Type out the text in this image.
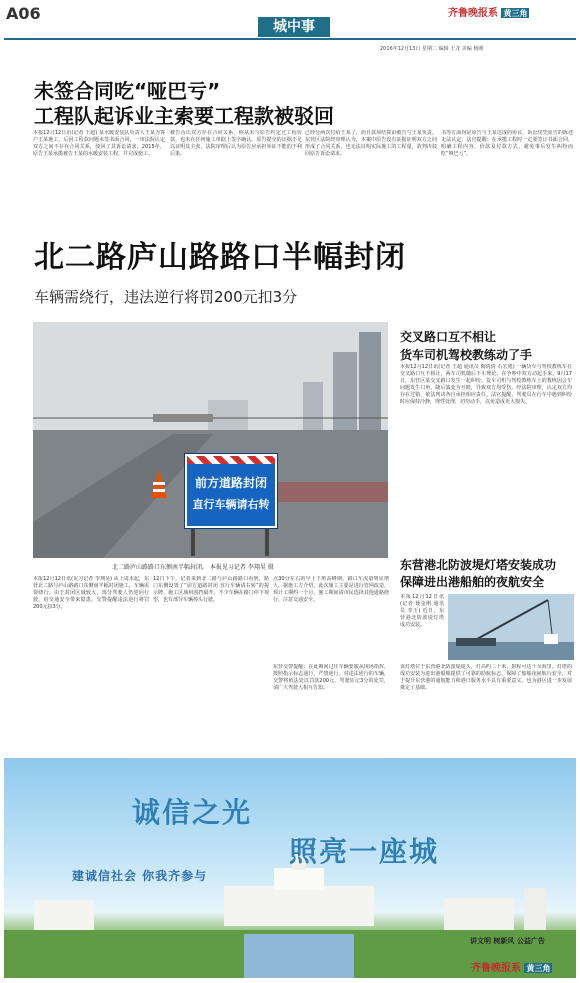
A06
城中事
齐鲁晚报系 黄三角
2016年12月13日 星期二 编辑 王龙 美编 杨刚
未签合同吃“哑巴亏”
工程队起诉业主索要工程款被驳回
本报12月12日讯(记者 王超) 某水暖安装队负责人王某为客户王某施工，后因工程款问题未签书面合同，一审法院认定双方之间不存在合同关系，驳回了其诉讼请求。2015年，原告王某承揽被告王某的水暖安装工程，并完成施工。
被告否认双方存在合同关系，称从未与原告约定过工程价款，也未在任何施工单据上签字确认。原告提交的证据不足以证明其主张，法院审理后认为原告应承担举证不能的不利后果。
已经分两次付给王某了，而且款项结算由被告与王某负责。东营区法院经审理认为，本案中原告没有证据证明双方之间形成了合同关系，也无法证明实际施工的工程量，故判决驳回原告诉讼请求。
书等方面均是原告与王某达成的协议，诉讼仅凭原告的陈述无法认定，法官提醒：在承揽工程时一定要签订书面合同，明确工程内容、价款及付款方式，避免事后发生纠纷而吃“哑巴亏”。
北二路庐山路路口半幅封闭
车辆需绕行，违法逆行将罚200元扣3分
前方道路封闭
直行车辆请右转
北二路庐山路路口东侧南半幅封闭。 本报见习记者 李翔昊 摄
本报12月12日讯(见习记者 李翔昊) 从上周末起，东营北二路与庐山路路口东侧南半幅封闭施工，车辆需要绕行。由于封闭区域较大，部分驾驶人仍逆向行驶，给交通安全带来隐患，交警提醒违法逆行将罚200元扣3分。
12日下午，记者来到北二路与庐山路路口看到，路口东侧设置了“前方道路封闭 直行车辆请右转”的提示牌，施工区域用围挡隔开。不少车辆在路口停下观望，也有部分车辆掉头行驶。
点30分左右的早上下班高峰期，路口车流量明显增大。据施工方介绍，此次施工主要是进行管网改造，预计工期约一个月，施工期间请市民选择其他道路绕行，注意交通安全。
东营交警提醒：在此期间过往车辆要服从现场指挥，按照指示标志通行，严禁逆行。对违法逆行的车辆，交警将依法处以罚款200元、驾驶证记3分的处罚，请广大驾驶人相互告知。
交叉路口互不相让
货车司机驾校教练动了手
本报12月12日讯(记者 王超 通讯员 陶倩倩 石宏旭) 一辆货车与驾校教练车在交叉路口互不相让，两车司机随后下车理论，在争吵中双方动起手来。9月17日，东营区某交叉路口发生一起纠纷，货车司机与驾校教练车上的教练因会车问题发生口角，随后演变为互殴，导致双方均受伤。经法院审理，认定双方均存在过错，依法判决各自承担相应责任。法官提醒，驾驶员在行车中遇到纠纷时应保持冷静，理性处理，切勿动手，以免造成更大损失。
东营港北防波堤灯塔安装成功
保障进出港船舶的夜航安全
本报12月12日讯(记者 聂金刚 通讯员 李玉) 近日，东营港北防波堤灯塔成功安装。
该灯塔位于东营港北防波堤堤头，灯高约二十米，射程可达十余海里。灯塔的成功安装为进出港船舶提供了可靠的助航标志，保障了船舶夜间航行安全，对于提升东营港的通航能力和港口服务水平具有重要意义，也为港区进一步发展奠定了基础。
诚信之光
照亮一座城
建诚信社会 你我齐参与
讲文明 树新风 公益广告
齐鲁晚报系 黄三角
